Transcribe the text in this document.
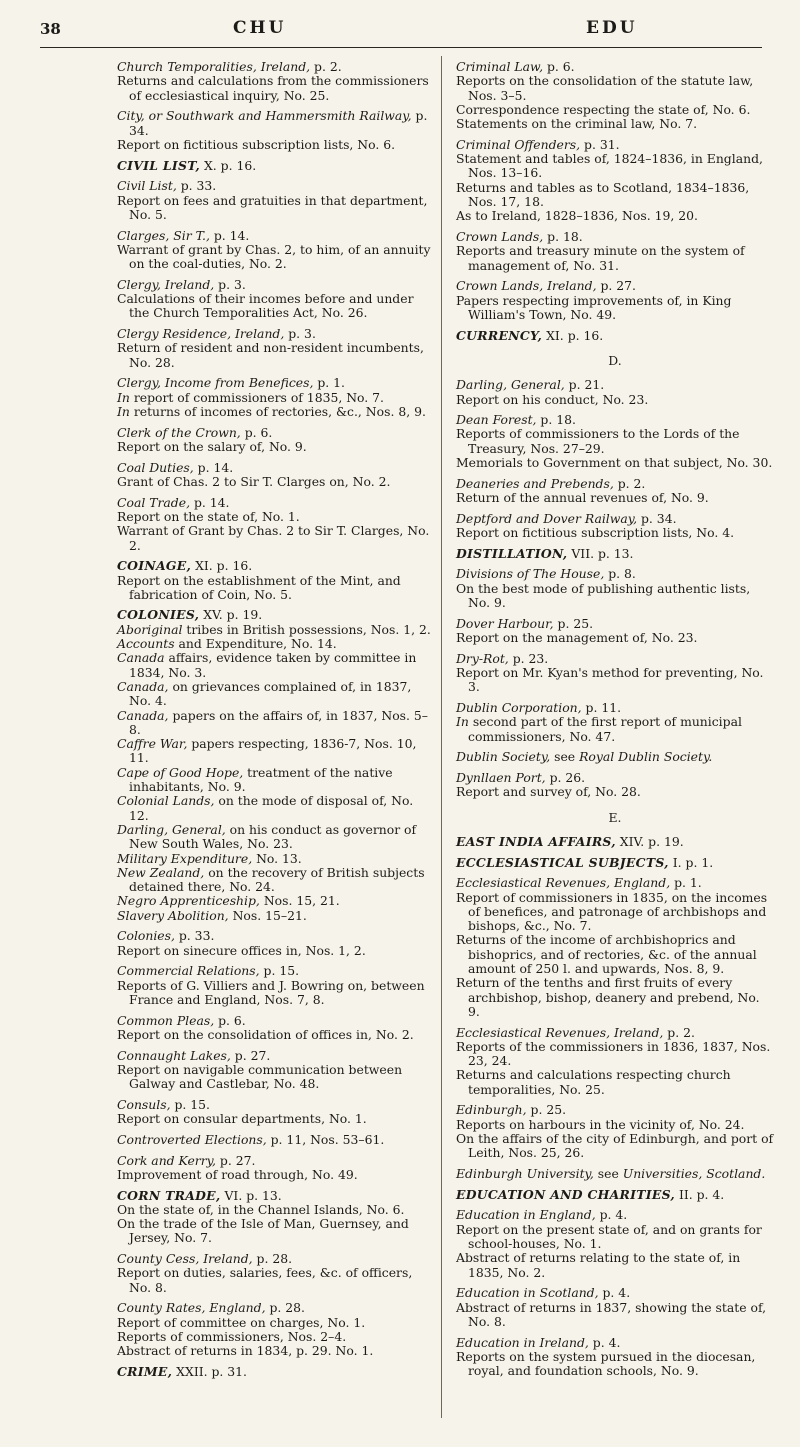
38	CHU	EDU
Church Temporalities, Ireland, p. 2.
Returns and calculations from the commissioners of ecclesiastical inquiry, No. 25.
City, or Southwark and Hammersmith Railway, p. 34.
Report on fictitious subscription lists, No. 6.
CIVIL LIST, X. p. 16.
Civil List, p. 33.
Report on fees and gratuities in that department, No. 5.
Clarges, Sir T., p. 14.
Warrant of grant by Chas. 2, to him, of an annuity on the coal-duties, No. 2.
Clergy, Ireland, p. 3.
Calculations of their incomes before and under the Church Temporalities Act, No. 26.
Clergy Residence, Ireland, p. 3.
Return of resident and non-resident incumbents, No. 28.
Clergy, Income from Benefices, p. 1.
In report of commissioners of 1835, No. 7.
In returns of incomes of rectories, &c., Nos. 8, 9.
Clerk of the Crown, p. 6.
Report on the salary of, No. 9.
Coal Duties, p. 14.
Grant of Chas. 2 to Sir T. Clarges on, No. 2.
Coal Trade, p. 14.
Report on the state of, No. 1.
Warrant of Grant by Chas. 2 to Sir T. Clarges, No. 2.
COINAGE, XI. p. 16.
Report on the establishment of the Mint, and fabrication of Coin, No. 5.
COLONIES, XV. p. 19.
Aboriginal tribes in British possessions, Nos. 1, 2.
Accounts and Expenditure, No. 14.
Canada affairs, evidence taken by committee in 1834, No. 3.
Canada, on grievances complained of, in 1837, No. 4.
Canada, papers on the affairs of, in 1837, Nos. 5–8.
Caffre War, papers respecting, 1836-7, Nos. 10, 11.
Cape of Good Hope, treatment of the native inhabitants, No. 9.
Colonial Lands, on the mode of disposal of, No. 12.
Darling, General, on his conduct as governor of New South Wales, No. 23.
Military Expenditure, No. 13.
New Zealand, on the recovery of British subjects detained there, No. 24.
Negro Apprenticeship, Nos. 15, 21.
Slavery Abolition, Nos. 15–21.
Colonies, p. 33.
Report on sinecure offices in, Nos. 1, 2.
Commercial Relations, p. 15.
Reports of G. Villiers and J. Bowring on, between France and England, Nos. 7, 8.
Common Pleas, p. 6.
Report on the consolidation of offices in, No. 2.
Connaught Lakes, p. 27.
Report on navigable communication between Galway and Castlebar, No. 48.
Consuls, p. 15.
Report on consular departments, No. 1.
Controverted Elections, p. 11, Nos. 53–61.
Cork and Kerry, p. 27.
Improvement of road through, No. 49.
CORN TRADE, VI. p. 13.
On the state of, in the Channel Islands, No. 6.
On the trade of the Isle of Man, Guernsey, and Jersey, No. 7.
County Cess, Ireland, p. 28.
Report on duties, salaries, fees, &c. of officers, No. 8.
County Rates, England, p. 28.
Report of committee on charges, No. 1.
Reports of commissioners, Nos. 2–4.
Abstract of returns in 1834, p. 29. No. 1.
CRIME, XXII. p. 31.
Criminal Law, p. 6.
Reports on the consolidation of the statute law, Nos. 3–5.
Correspondence respecting the state of, No. 6.
Statements on the criminal law, No. 7.
Criminal Offenders, p. 31.
Statement and tables of, 1824–1836, in England, Nos. 13–16.
Returns and tables as to Scotland, 1834–1836, Nos. 17, 18.
As to Ireland, 1828–1836, Nos. 19, 20.
Crown Lands, p. 18.
Reports and treasury minute on the system of management of, No. 31.
Crown Lands, Ireland, p. 27.
Papers respecting improvements of, in King William's Town, No. 49.
CURRENCY, XI. p. 16.
D.
Darling, General, p. 21.
Report on his conduct, No. 23.
Dean Forest, p. 18.
Reports of commissioners to the Lords of the Treasury, Nos. 27–29.
Memorials to Government on that subject, No. 30.
Deaneries and Prebends, p. 2.
Return of the annual revenues of, No. 9.
Deptford and Dover Railway, p. 34.
Report on fictitious subscription lists, No. 4.
DISTILLATION, VII. p. 13.
Divisions of The House, p. 8.
On the best mode of publishing authentic lists, No. 9.
Dover Harbour, p. 25.
Report on the management of, No. 23.
Dry-Rot, p. 23.
Report on Mr. Kyan's method for preventing, No. 3.
Dublin Corporation, p. 11.
In second part of the first report of municipal commissioners, No. 47.
Dublin Society, see Royal Dublin Society.
Dynllaen Port, p. 26.
Report and survey of, No. 28.
E.
EAST INDIA AFFAIRS, XIV. p. 19.
ECCLESIASTICAL SUBJECTS, I. p. 1.
Ecclesiastical Revenues, England, p. 1.
Report of commissioners in 1835, on the incomes of benefices, and patronage of archbishops and bishops, &c., No. 7.
Returns of the income of archbishoprics and bishoprics, and of rectories, &c. of the annual amount of 250 l. and upwards, Nos. 8, 9.
Return of the tenths and first fruits of every archbishop, bishop, deanery and prebend, No. 9.
Ecclesiastical Revenues, Ireland, p. 2.
Reports of the commissioners in 1836, 1837, Nos. 23, 24.
Returns and calculations respecting church temporalities, No. 25.
Edinburgh, p. 25.
Reports on harbours in the vicinity of, No. 24.
On the affairs of the city of Edinburgh, and port of Leith, Nos. 25, 26.
Edinburgh University, see Universities, Scotland.
EDUCATION AND CHARITIES, II. p. 4.
Education in England, p. 4.
Report on the present state of, and on grants for school-houses, No. 1.
Abstract of returns relating to the state of, in 1835, No. 2.
Education in Scotland, p. 4.
Abstract of returns in 1837, showing the state of, No. 8.
Education in Ireland, p. 4.
Reports on the system pursued in the diocesan, royal, and foundation schools, No. 9.
